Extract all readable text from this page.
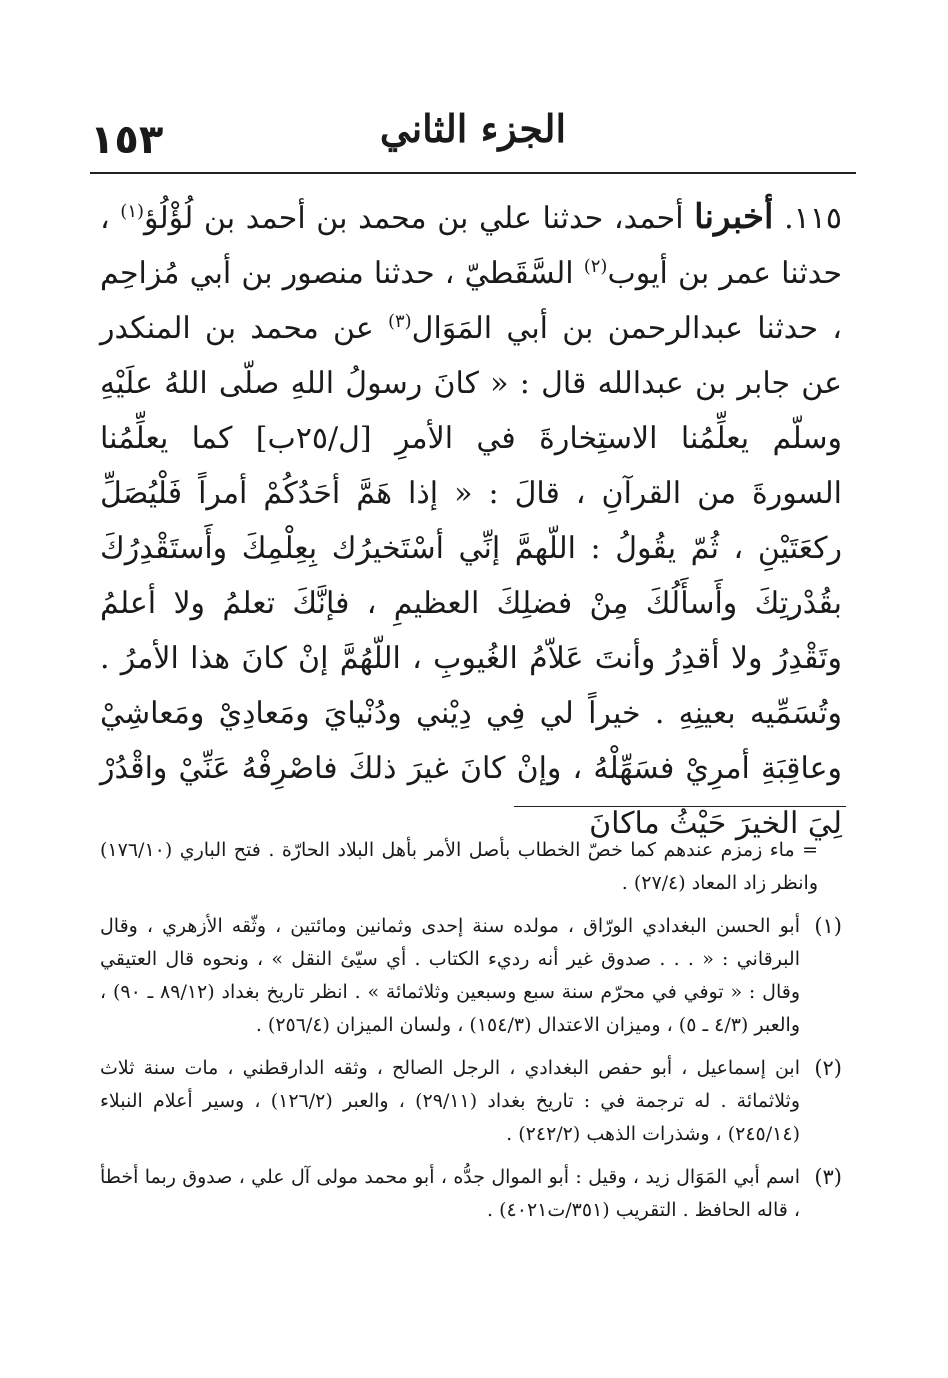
١٥٣	الجزء الثاني
١١٥. أخبرنا أحمد، حدثنا علي بن محمد بن أحمد بن لُؤْلُؤ$^{(١)}$ ، حدثنا عمر بن أيوب$^{(٢)}$ السَّقَطيّ ، حدثنا منصور بن أبي مُزاحِم ، حدثنا عبدالرحمن بن أبي المَوَال$^{(٣)}$ عن محمد بن المنكدر عن جابر بن عبدالله قال : « كانَ رسولُ اللهِ صلّى اللهُ علَيْهِ وسلّم يعلِّمُنا الاستِخارةَ في الأمرِ [ل/٢٥ب] كما يعلِّمُنا السورةَ من القرآنِ ، قالَ : « إذا هَمَّ أحَدُكُمْ أمراً فَلْيُصَلِّ ركعَتَيْنِ ، ثُمّ يقُولُ : اللّهمَّ إنِّي أسْتَخيرُك بِعِلْمِكَ وأَستَقْدِرُكَ بقُدْرتِكَ وأَسأَلُكَ مِنْ فضلِكَ العظيمِ ، فإنَّكَ تعلمُ ولا أعلمُ وتَقْدِرُ ولا أقدِرُ وأنتَ عَلاّمُ الغُيوبِ ، اللّهُمَّ إنْ كانَ هذا الأمرُ . وتُسَمِّيه بعينِهِ . خيراً لي فِي دِيْني ودُنْيايَ ومَعادِيْ ومَعاشِيْ وعاقِبَةِ أمرِيْ فسَهِّلْهُ ، وإنْ كانَ غيرَ ذلكَ فاصْرِفْهُ عَنِّيْ واقْدُرْ لِيَ الخيرَ حَيْثُ ماكانَ
= ماء زمزم عندهم كما خصّ الخطاب بأصل الأمر بأهل البلاد الحارّة . فتح الباري (١٧٦/١٠) وانظر زاد المعاد (٢٧/٤) .
(١)
أبو الحسن البغدادي الورّاق ، مولده سنة إحدى وثمانين ومائتين ، وثّقه الأزهري ، وقال البرقاني : « . . . صدوق غير أنه رديء الكتاب . أي سيّئ النقل » ، ونحوه قال العتيقي وقال : « توفي في محرّم سنة سبع وسبعين وثلاثمائة » . انظر تاريخ بغداد (٨٩/١٢ ـ ٩٠) ، والعبر (٤/٣ ـ ٥) ، وميزان الاعتدال (١٥٤/٣) ، ولسان الميزان (٢٥٦/٤) .
(٢)
ابن إسماعيل ، أبو حفص البغدادي ، الرجل الصالح ، وثقه الدارقطني ، مات سنة ثلاث وثلاثمائة . له ترجمة في : تاريخ بغداد (٢٩/١١) ، والعبر (١٢٦/٢) ، وسير أعلام النبلاء (٢٤٥/١٤) ، وشذرات الذهب (٢٤٢/٢) .
(٣)
اسم أبي المَوَال زيد ، وقيل : أبو الموال جدُّه ، أبو محمد مولى آل علي ، صدوق ربما أخطأ ، قاله الحافظ . التقريب (٣٥١/ت٤٠٢١) .
